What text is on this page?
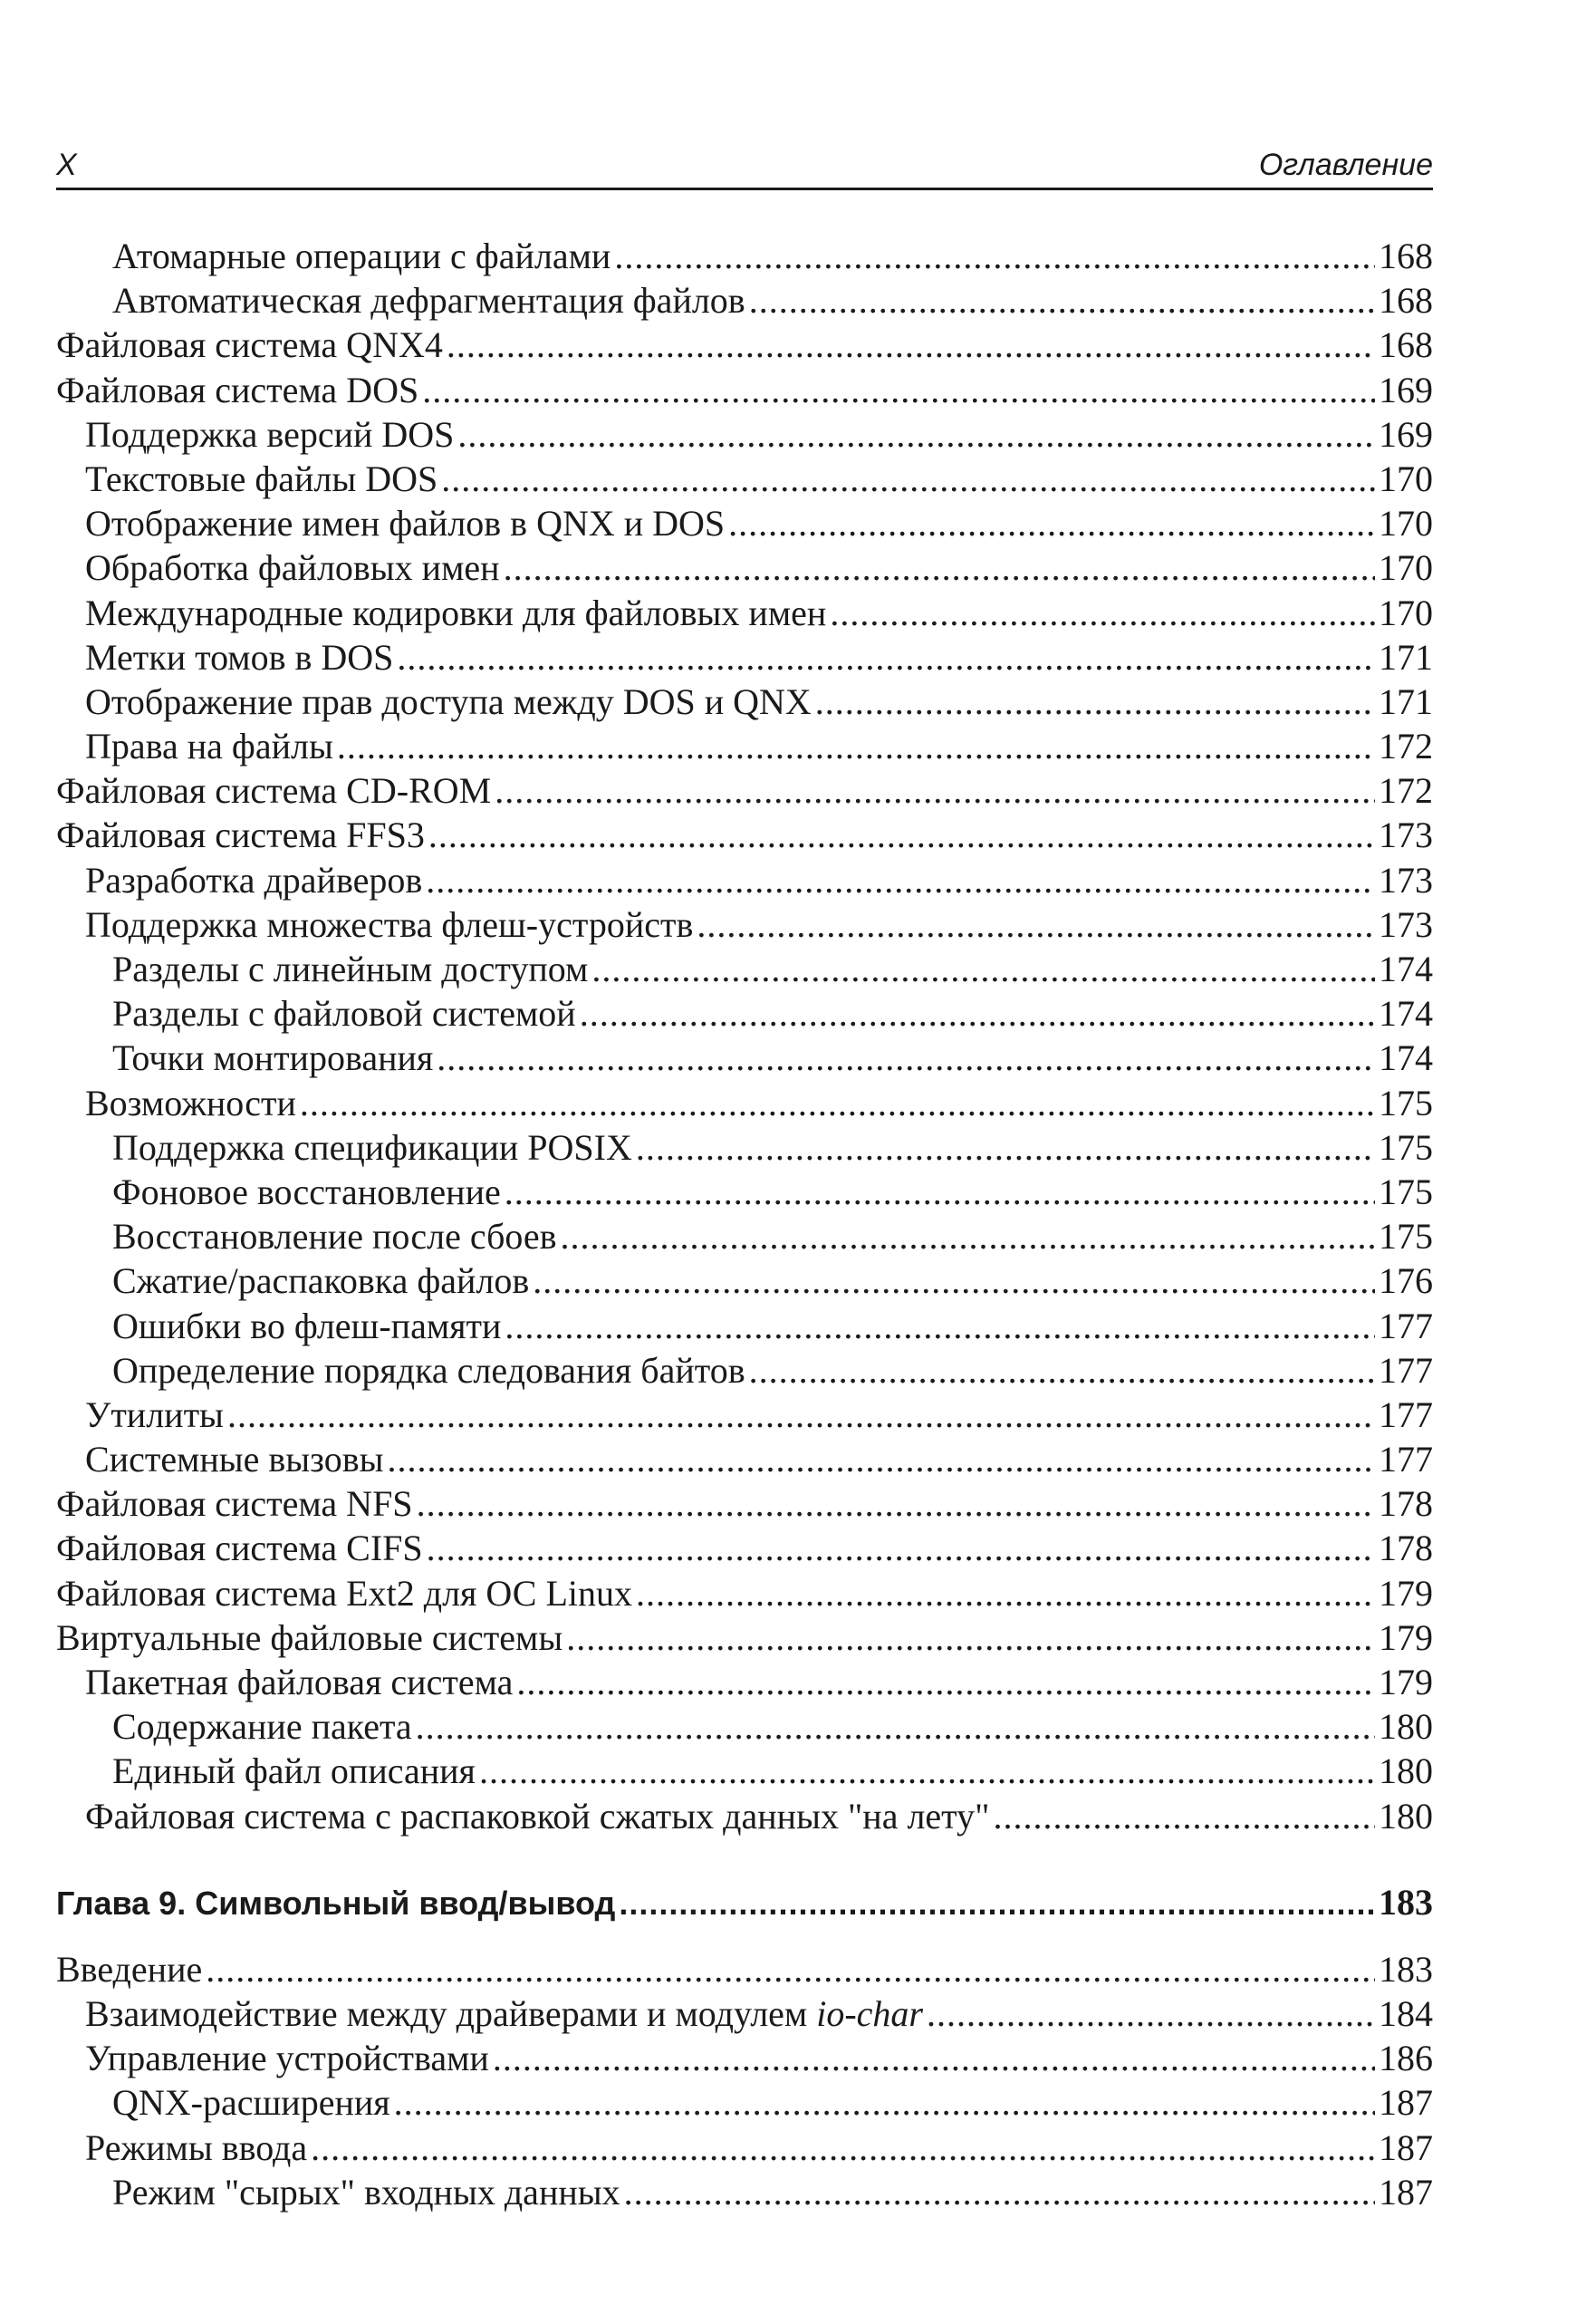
X	Оглавление
Атомарные операции с файлами .....	168
Автоматическая дефрагментация файлов .....	168
Файловая система QNX4 .....	168
Файловая система DOS .....	169
Поддержка версий DOS .....	169
Текстовые файлы DOS .....	170
Отображение имен файлов в QNX и DOS .....	170
Обработка файловых имен .....	170
Международные кодировки для файловых имен .....	170
Метки томов в DOS .....	171
Отображение прав доступа между DOS и QNX .....	171
Права на файлы .....	172
Файловая система CD-ROM .....	172
Файловая система FFS3 .....	173
Разработка драйверов .....	173
Поддержка множества флеш-устройств .....	173
Разделы с линейным доступом .....	174
Разделы с файловой системой .....	174
Точки монтирования .....	174
Возможности .....	175
Поддержка спецификации POSIX .....	175
Фоновое восстановление .....	175
Восстановление после сбоев .....	175
Сжатие/распаковка файлов .....	176
Ошибки во флеш-памяти .....	177
Определение порядка следования байтов .....	177
Утилиты .....	177
Системные вызовы .....	177
Файловая система NFS .....	178
Файловая система CIFS .....	178
Файловая система Ext2 для ОС Linux .....	179
Виртуальные файловые системы .....	179
Пакетная файловая система .....	179
Содержание пакета .....	180
Единый файл описания .....	180
Файловая система с распаковкой сжатых данных "на лету" .....	180
Глава 9. Символьный ввод/вывод .....	183
Введение .....	183
Взаимодействие между драйверами и модулем io-char .....	184
Управление устройствами .....	186
QNX-расширения .....	187
Режимы ввода .....	187
Режим "сырых" входных данных .....	187
